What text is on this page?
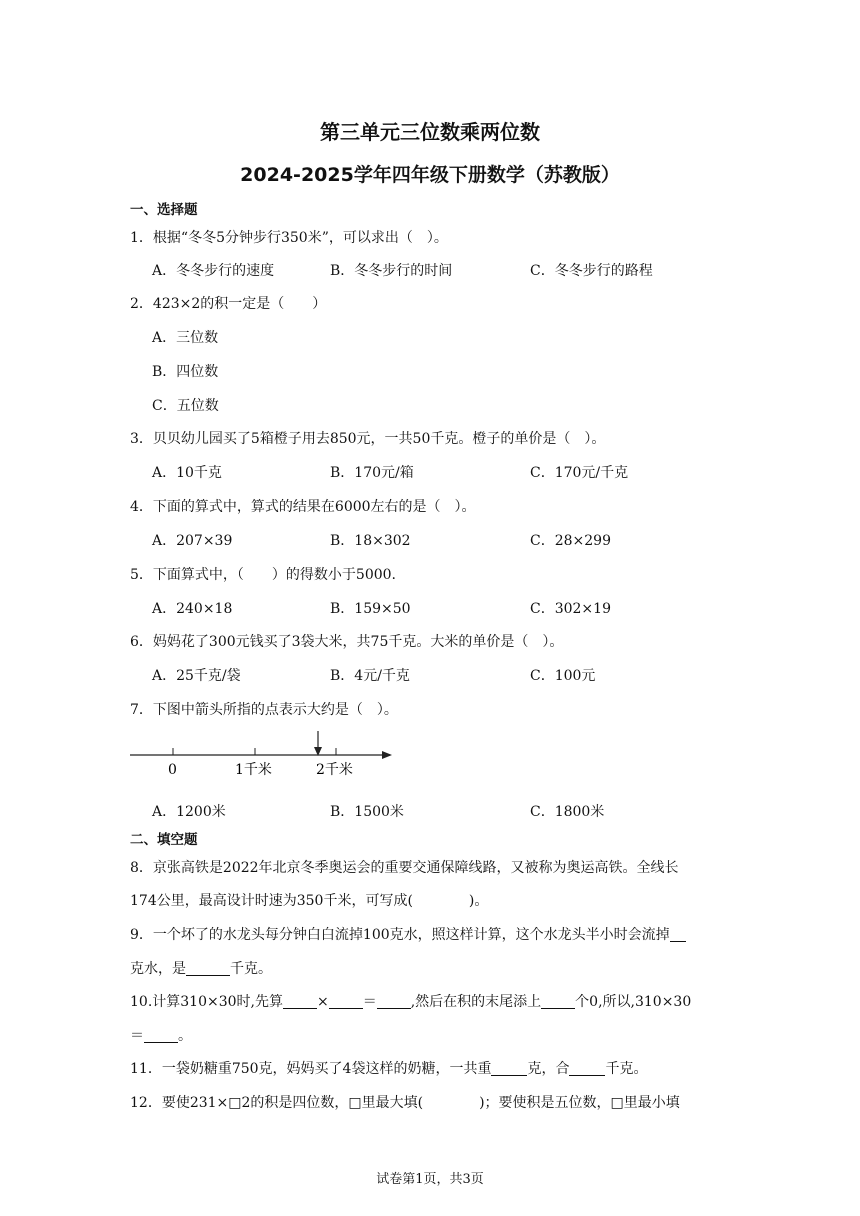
第三单元三位数乘两位数
2024-2025学年四年级下册数学（苏教版）
一、选择题
1．根据“冬冬5分钟步行350米”，可以求出（　）。
A．冬冬步行的速度	B．冬冬步行的时间	C．冬冬步行的路程
2．423×2的积一定是（　　）
A．三位数
B．四位数
C．五位数
3．贝贝幼儿园买了5箱橙子用去850元，一共50千克。橙子的单价是（　）。
A．10千克	B．170元/箱	C．170元/千克
4．下面的算式中，算式的结果在6000左右的是（　）。
A．207×39	B．18×302	C．28×299
5．下面算式中，（　　）的得数小于5000.
A．240×18	B．159×50	C．302×19
6．妈妈花了300元钱买了3袋大米，共75千克。大米的单价是（　）。
A．25千克/袋	B．4元/千克	C．100元
7．下图中箭头所指的点表示大约是（　）。
0	1千米	2千米
A．1200米	B．1500米	C．1800米
二、填空题
8．京张高铁是2022年北京冬季奥运会的重要交通保障线路，又被称为奥运高铁。全线长
174公里，最高设计时速为350千米，可写成(　　　　)。
9．一个坏了的水龙头每分钟白白流掉100克水，照这样计算，这个水龙头半小时会流掉
克水，是	千克。
10.计算310×30时,先算 × ＝ ,然后在积的末尾添上 个0,所以,310×30
＝ 。
11．一袋奶糖重750克，妈妈买了4袋这样的奶糖，一共重	克，合	千克。
12．要使231×□2的积是四位数，□里最大填(　　　　)；要使积是五位数，□里最小填
试卷第1页，共3页
